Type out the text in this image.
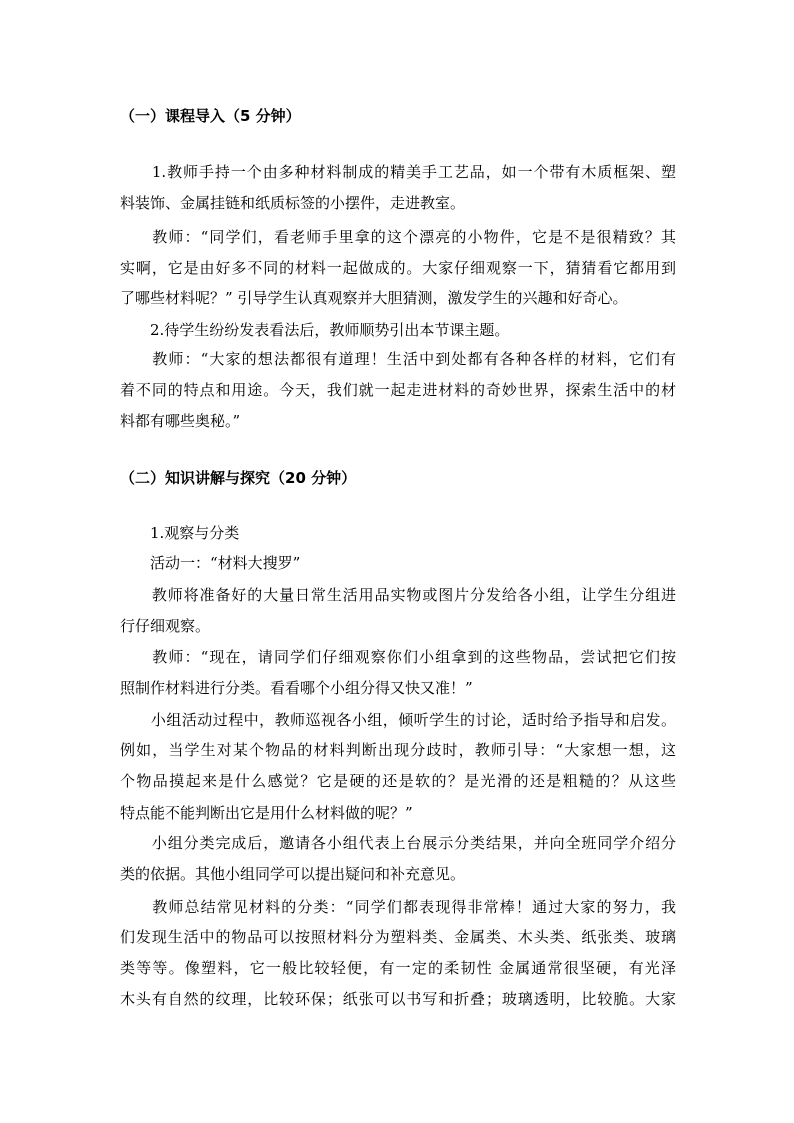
（一）课程导入（5 分钟）

　　1.教师手持一个由多种材料制成的精美手工艺品，如一个带有木质框架、塑

料装饰、金属挂链和纸质标签的小摆件，走进教室。

　　教师：“同学们，看老师手里拿的这个漂亮的小物件，它是不是很精致？其

实啊，它是由好多不同的材料一起做成的。大家仔细观察一下，猜猜看它都用到

了哪些材料呢？” 引导学生认真观察并大胆猜测，激发学生的兴趣和好奇心。

　　2.待学生纷纷发表看法后，教师顺势引出本节课主题。

　　教师：“大家的想法都很有道理！生活中到处都有各种各样的材料，它们有

着不同的特点和用途。今天，我们就一起走进材料的奇妙世界，探索生活中的材

料都有哪些奥秘。”

（二）知识讲解与探究（20 分钟）

　　1.观察与分类

　　活动一：“材料大搜罗”

　　教师将准备好的大量日常生活用品实物或图片分发给各小组，让学生分组进

行仔细观察。

　　教师：“现在，请同学们仔细观察你们小组拿到的这些物品，尝试把它们按

照制作材料进行分类。看看哪个小组分得又快又准！”

　　小组活动过程中，教师巡视各小组，倾听学生的讨论，适时给予指导和启发。

例如，当学生对某个物品的材料判断出现分歧时，教师引导：“大家想一想，这

个物品摸起来是什么感觉？它是硬的还是软的？是光滑的还是粗糙的？从这些

特点能不能判断出它是用什么材料做的呢？”

　　小组分类完成后，邀请各小组代表上台展示分类结果，并向全班同学介绍分

类的依据。其他小组同学可以提出疑问和补充意见。

　　教师总结常见材料的分类：“同学们都表现得非常棒！通过大家的努力，我

们发现生活中的物品可以按照材料分为塑料类、金属类、木头类、纸张类、玻璃

类等等。像塑料，它一般比较轻便，有一定的柔韧性 金属通常很坚硬，有光泽

木头有自然的纹理，比较环保；纸张可以书写和折叠；玻璃透明，比较脆。大家
